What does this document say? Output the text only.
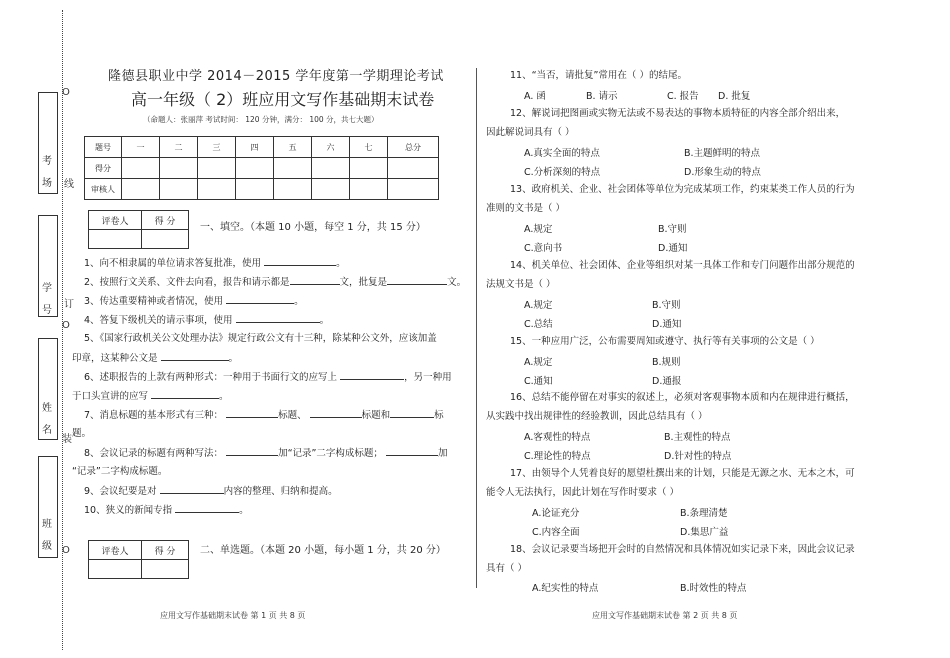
O
O
O
线
订
装
考
场
学
号
姓
名
班
级
隆德县职业中学 2014－2015 学年度第一学期理论考试
高一年级（ 2）班应用文写作基础期末试卷
（命题人：张丽萍 考试时间： 120 分钟，满分： 100 分，共七大题）
题号	一	二	三	四	五	六	七	总分
得分								
审核人								
评卷人	得 分

一、填空。（本题 10 小题，每空 1 分，共 15 分）
1、向不相隶属的单位请求答复批准，使用	。
2、按照行文关系、文件去向看，报告和请示都是	文，批复是	文。
3、传达重要精神或者情况，使用	。
4、答复下级机关的请示事项，使用	。
5、《国家行政机关公文处理办法》规定行政公文有十三种，除某种公文外，应该加盖
印章，这某种公文是	。
6、述职报告的上款有两种形式：一种用于书面行文的应写上	，另一种用
于口头宣讲的应写	。
7、消息标题的基本形式有三种：	标题、	标题和	标
题。
8、会议记录的标题有两种写法：	加“记录”二字构成标题；	加
“记录”二字构成标题。
9、会议纪要是对	内容的整理、归纳和提高。
10、狭义的新闻专指	。
评卷人	得 分
	二、单选题。（本题 20 小题，每小题 1 分，共 20 分）
11、“当否，请批复”常用在（ ）的结尾。
A. 函	B. 请示	C. 报告 D. 批复
12、解说词把图画或实物无法或不易表达的事物本质特征的内容全部介绍出来，
因此解说词具有（ ）
A.真实全面的特点	B.主题鲜明的特点
C.分析深刻的特点	D.形象生动的特点
13、政府机关、企业、社会团体等单位为完成某项工作，约束某类工作人员的行为
准则的文书是（ ）
A.规定	B.守则
C.意向书	D.通知
14、机关单位、社会团体、企业等组织对某一具体工作和专门问题作出部分规范的
法规文书是（ ）
A.规定	B.守则
C.总结	D.通知
15、一种应用广泛，公布需要周知或遵守、执行等有关事项的公文是（ ）
A.规定	B.规则
C.通知	D.通报
16、总结不能停留在对事实的叙述上，必须对客观事物本质和内在规律进行概括，
从实践中找出规律性的经验教训，因此总结具有（ ）
A.客观性的特点	B.主观性的特点
C.理论性的特点	D.针对性的特点
17、由领导个人凭着良好的愿望杜撰出来的计划，只能是无源之水、无本之木，可
能令人无法执行，因此计划在写作时要求（ ）
A.论证充分	B.条理清楚
C.内容全面	D.集思广益
18、会议记录要当场把开会时的自然情况和具体情况如实记录下来，因此会议记录
具有（ ）
A.纪实性的特点	B.时效性的特点
应用文写作基础期末试卷 第 1 页 共 8 页	应用文写作基础期末试卷 第 2 页 共 8 页
